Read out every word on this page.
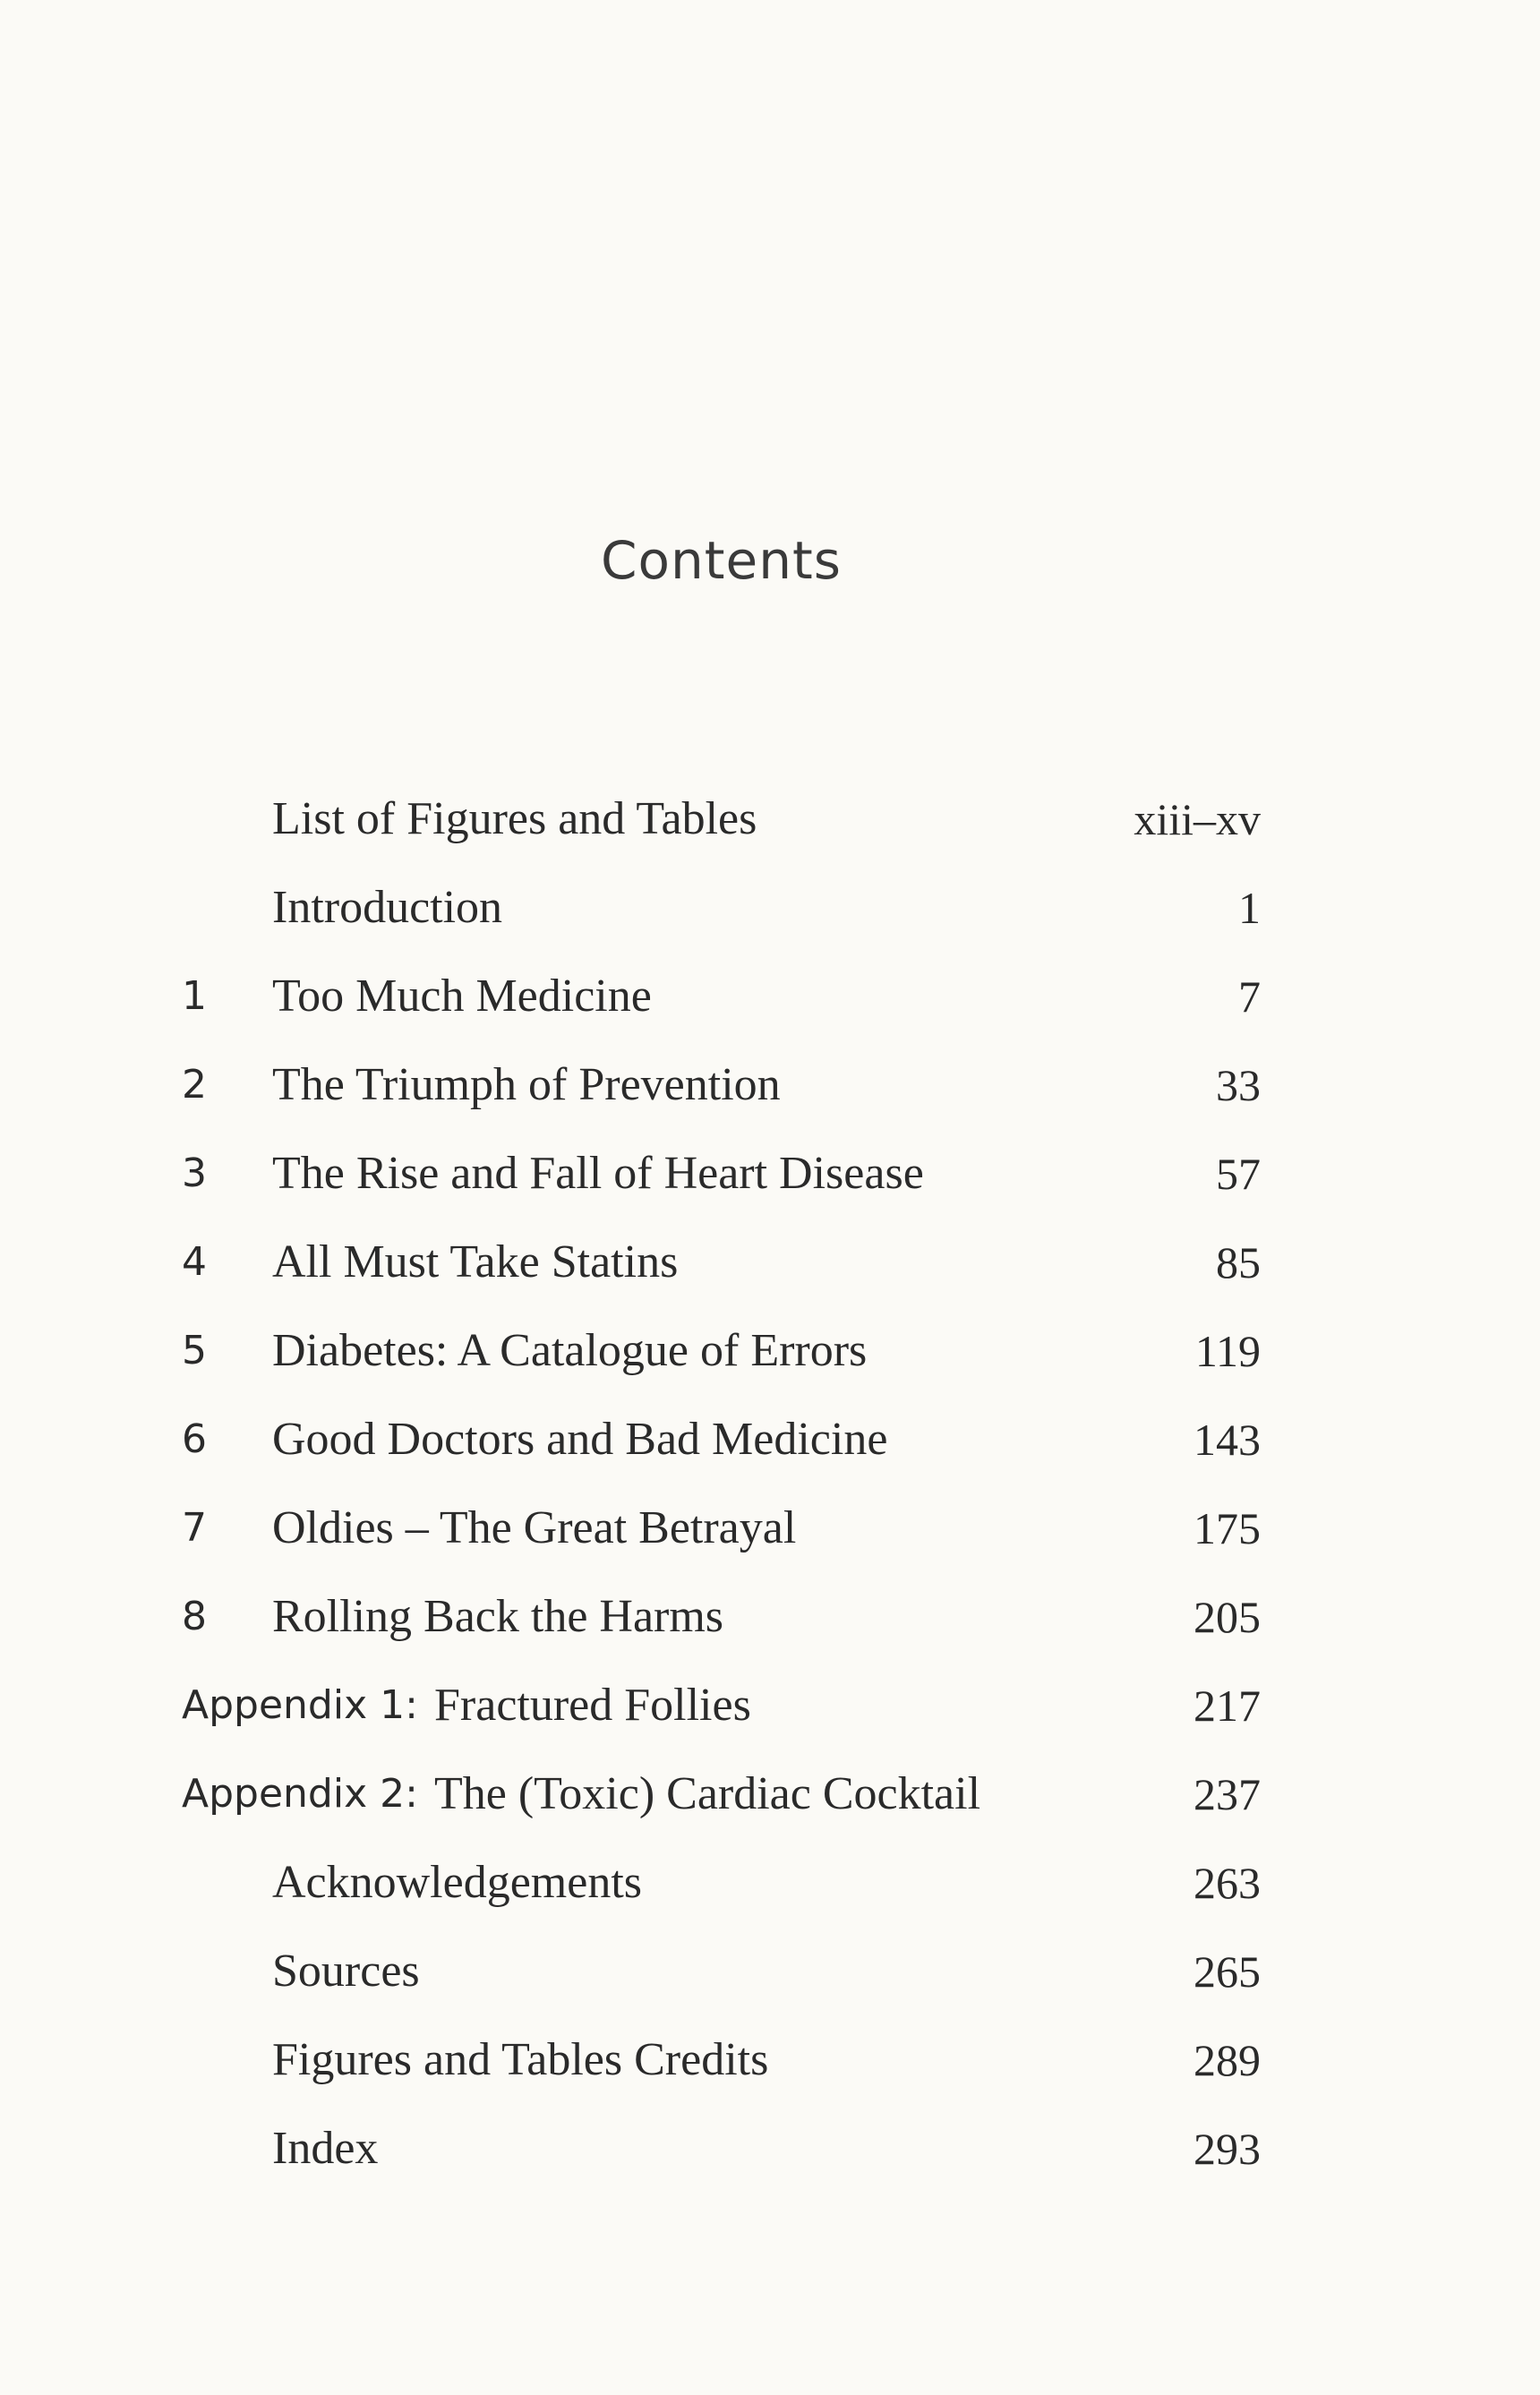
Contents
List of Figures and Tables	xiii–xv
Introduction	1
1 Too Much Medicine	7
2 The Triumph of Prevention	33
3 The Rise and Fall of Heart Disease	57
4 All Must Take Statins	85
5 Diabetes: A Catalogue of Errors	119
6 Good Doctors and Bad Medicine	143
7 Oldies – The Great Betrayal	175
8 Rolling Back the Harms	205
Appendix 1: Fractured Follies	217
Appendix 2: The (Toxic) Cardiac Cocktail	237
Acknowledgements	263
Sources	265
Figures and Tables Credits	289
Index	293
